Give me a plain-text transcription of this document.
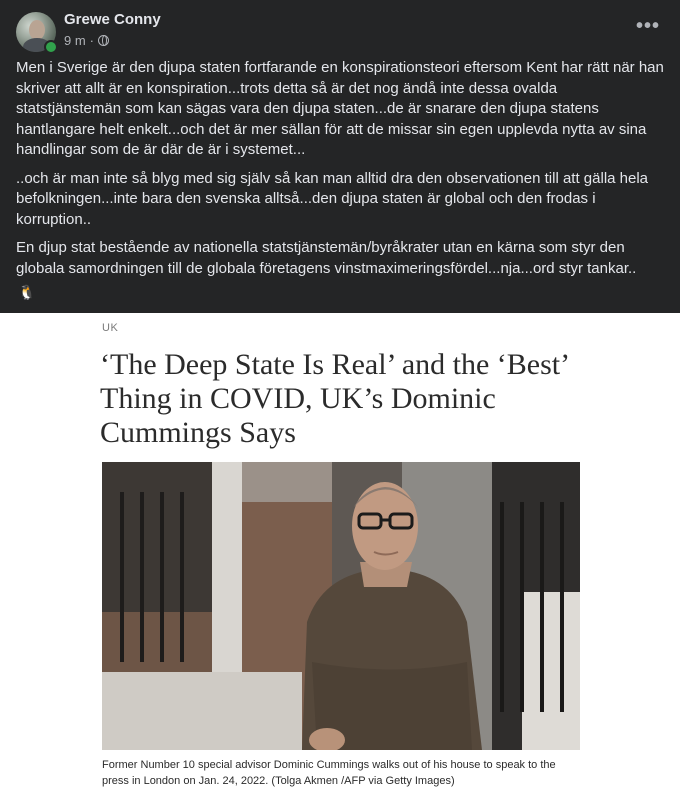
Grewe Conny
9 m ·
•••

Men i Sverige är den djupa staten fortfarande en konspirationsteori eftersom Kent har rätt när han skriver att allt är en konspiration...trots detta så är det nog ändå inte dessa ovalda statstjänstemän som kan sägas vara den djupa staten...de är snarare den djupa statens hantlangare helt enkelt...och det är mer sällan för att de missar sin egen upplevda nytta av sina handlingar som de är där de är i systemet...

..och är man inte så blyg med sig själv så kan man alltid dra den observationen till att gälla hela befolkningen...inte bara den svenska alltså...den djupa staten är global och den frodas i korruption..

En djup stat bestående av nationella statstjänstemän/byråkrater utan en kärna som styr den globala samordningen till de globala företagens vinstmaximeringsfördel...nja...ord styr tankar..

🐧
UK
‘The Deep State Is Real’ and the ‘Best’ Thing in COVID, UK’s Dominic Cummings Says
Former Number 10 special advisor Dominic Cummings walks out of his house to speak to the press in London on Jan. 24, 2022. (Tolga Akmen /AFP via Getty Images)
